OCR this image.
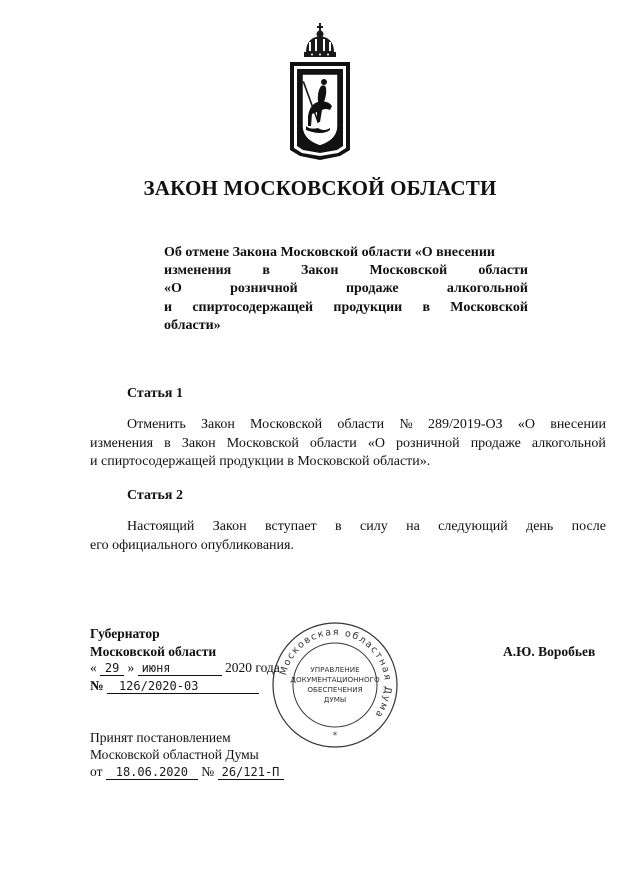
ЗАКОН МОСКОВСКОЙ ОБЛАСТИ
Об отмене Закона Московской области «О внесении
изменения в Закон Московской области
«О	розничной	продаже	алкогольной
и спиртосодержащей продукции в Московской
области»
Статья 1
Отменить Закон Московской области № 289/2019-ОЗ «О внесении
изменения в Закон Московской области «О розничной продаже алкогольной
и спиртосодержащей продукции в Московской области».
Статья 2
Настоящий Закон вступает в силу на следующий день после
его официального опубликования.
Московская областная Дума
УПРАВЛЕНИЕ
ДОКУМЕНТАЦИОННОГО
ОБЕСПЕЧЕНИЯ
ДУМЫ
*
Губернатор
Московской области
« 29 » июня	2020 года
№ 126/2020-03
А.Ю. Воробьев
Принят постановлением
Московской областной Думы
от 18.06.2020 № 26/121-П
